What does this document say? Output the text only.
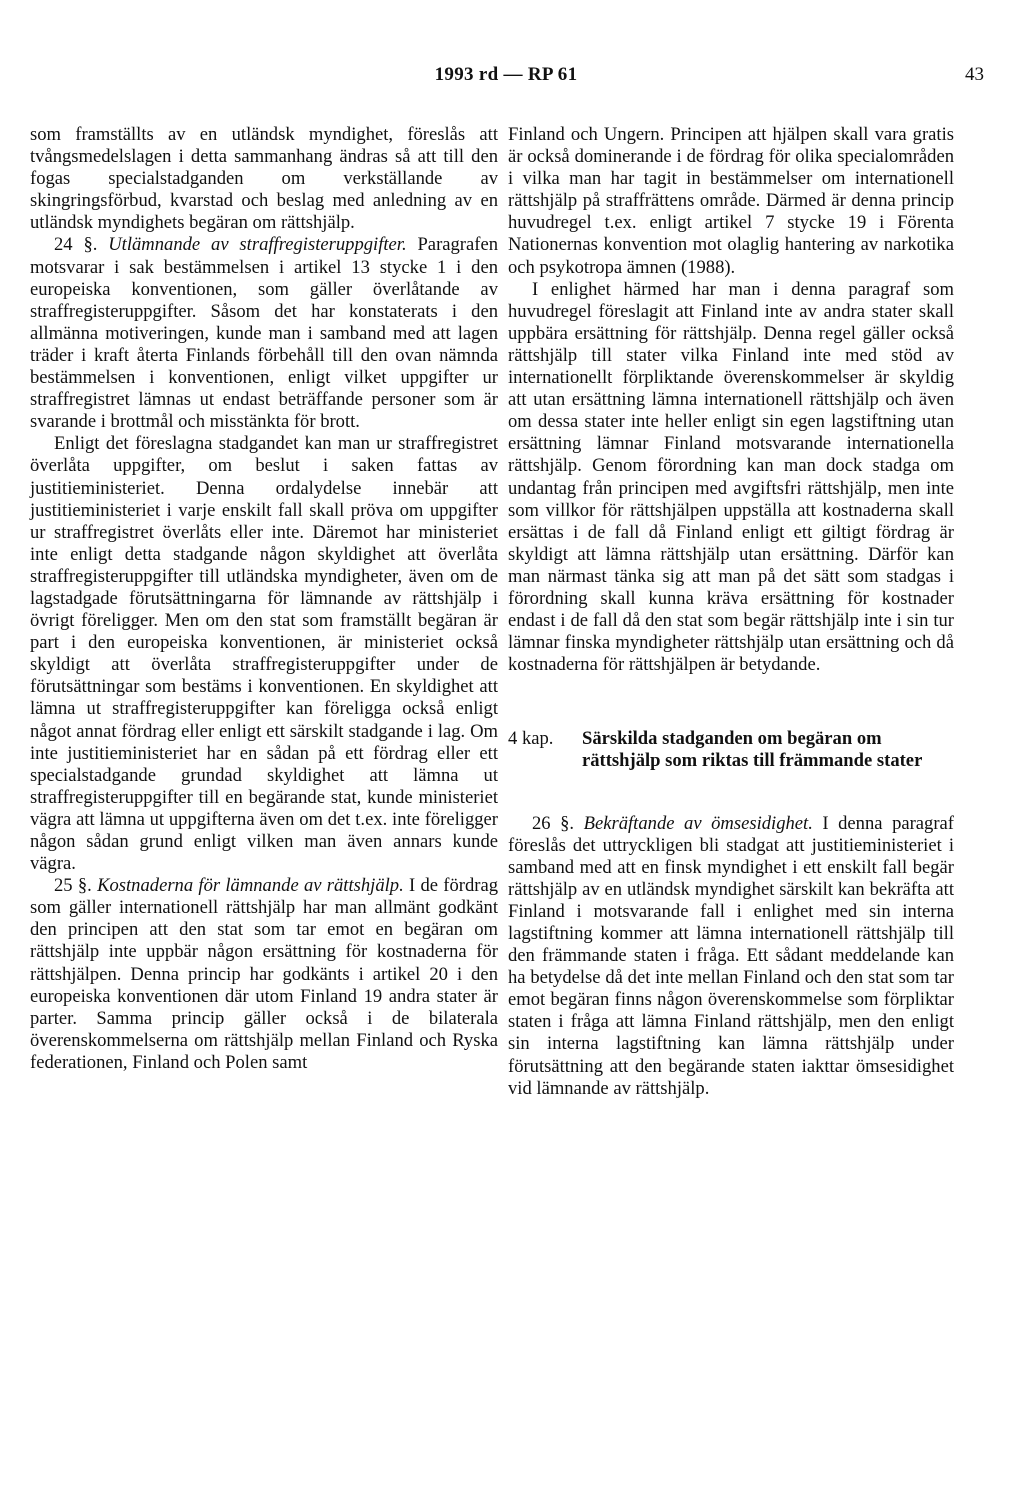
1993 rd — RP 61	43

som framställts av en utländsk myndighet, föreslås att tvångsmedelslagen i detta sammanhang ändras så att till den fogas specialstadganden om verkställande av skingringsförbud, kvarstad och beslag med anledning av en utländsk myndighets begäran om rättshjälp.

24 §. Utlämnande av straffregisteruppgifter. Paragrafen motsvarar i sak bestämmelsen i artikel 13 stycke 1 i den europeiska konventionen, som gäller överlåtande av straffregisteruppgifter. Såsom det har konstaterats i den allmänna motiveringen, kunde man i samband med att lagen träder i kraft återta Finlands förbehåll till den ovan nämnda bestämmelsen i konventionen, enligt vilket uppgifter ur straffregistret lämnas ut endast beträffande personer som är svarande i brottmål och misstänkta för brott.

Enligt det föreslagna stadgandet kan man ur straffregistret överlåta uppgifter, om beslut i saken fattas av justitieministeriet. Denna ordalydelse innebär att justitieministeriet i varje enskilt fall skall pröva om uppgifter ur straffregistret överlåts eller inte. Däremot har ministeriet inte enligt detta stadgande någon skyldighet att överlåta straffregisteruppgifter till utländska myndigheter, även om de lagstadgade förutsättningarna för lämnande av rättshjälp i övrigt föreligger. Men om den stat som framställt begäran är part i den europeiska konventionen, är ministeriet också skyldigt att överlåta straffregisteruppgifter under de förutsättningar som bestäms i konventionen. En skyldighet att lämna ut straffregisteruppgifter kan föreligga också enligt något annat fördrag eller enligt ett särskilt stadgande i lag. Om inte justitieministeriet har en sådan på ett fördrag eller ett specialstadgande grundad skyldighet att lämna ut straffregisteruppgifter till en begärande stat, kunde ministeriet vägra att lämna ut uppgifterna även om det t.ex. inte föreligger någon sådan grund enligt vilken man även annars kunde vägra.

25 §. Kostnaderna för lämnande av rättshjälp. I de fördrag som gäller internationell rättshjälp har man allmänt godkänt den principen att den stat som tar emot en begäran om rättshjälp inte uppbär någon ersättning för kostnaderna för rättshjälpen. Denna princip har godkänts i artikel 20 i den europeiska konventionen där utom Finland 19 andra stater är parter. Samma princip gäller också i de bilaterala överenskommelserna om rättshjälp mellan Finland och Ryska federationen, Finland och Polen samt

Finland och Ungern. Principen att hjälpen skall vara gratis är också dominerande i de fördrag för olika specialområden i vilka man har tagit in bestämmelser om internationell rättshjälp på straffrättens område. Därmed är denna princip huvudregel t.ex. enligt artikel 7 stycke 19 i Förenta Nationernas konvention mot olaglig hantering av narkotika och psykotropa ämnen (1988).

I enlighet härmed har man i denna paragraf som huvudregel föreslagit att Finland inte av andra stater skall uppbära ersättning för rättshjälp. Denna regel gäller också rättshjälp till stater vilka Finland inte med stöd av internationellt förpliktande överenskommelser är skyldig att utan ersättning lämna internationell rättshjälp och även om dessa stater inte heller enligt sin egen lagstiftning utan ersättning lämnar Finland motsvarande internationella rättshjälp. Genom förordning kan man dock stadga om undantag från principen med avgiftsfri rättshjälp, men inte som villkor för rättshjälpen uppställa att kostnaderna skall ersättas i de fall då Finland enligt ett giltigt fördrag är skyldigt att lämna rättshjälp utan ersättning. Därför kan man närmast tänka sig att man på det sätt som stadgas i förordning skall kunna kräva ersättning för kostnader endast i de fall då den stat som begär rättshjälp inte i sin tur lämnar finska myndigheter rättshjälp utan ersättning och då kostnaderna för rättshjälpen är betydande.

4 kap.	Särskilda stadganden om begäran om rättshjälp som riktas till främmande stater

26 §. Bekräftande av ömsesidighet. I denna paragraf föreslås det uttryckligen bli stadgat att justitieministeriet i samband med att en finsk myndighet i ett enskilt fall begär rättshjälp av en utländsk myndighet särskilt kan bekräfta att Finland i motsvarande fall i enlighet med sin interna lagstiftning kommer att lämna internationell rättshjälp till den främmande staten i fråga. Ett sådant meddelande kan ha betydelse då det inte mellan Finland och den stat som tar emot begäran finns någon överenskommelse som förpliktar staten i fråga att lämna Finland rättshjälp, men den enligt sin interna lagstiftning kan lämna rättshjälp under förutsättning att den begärande staten iakttar ömsesidighet vid lämnande av rättshjälp.
